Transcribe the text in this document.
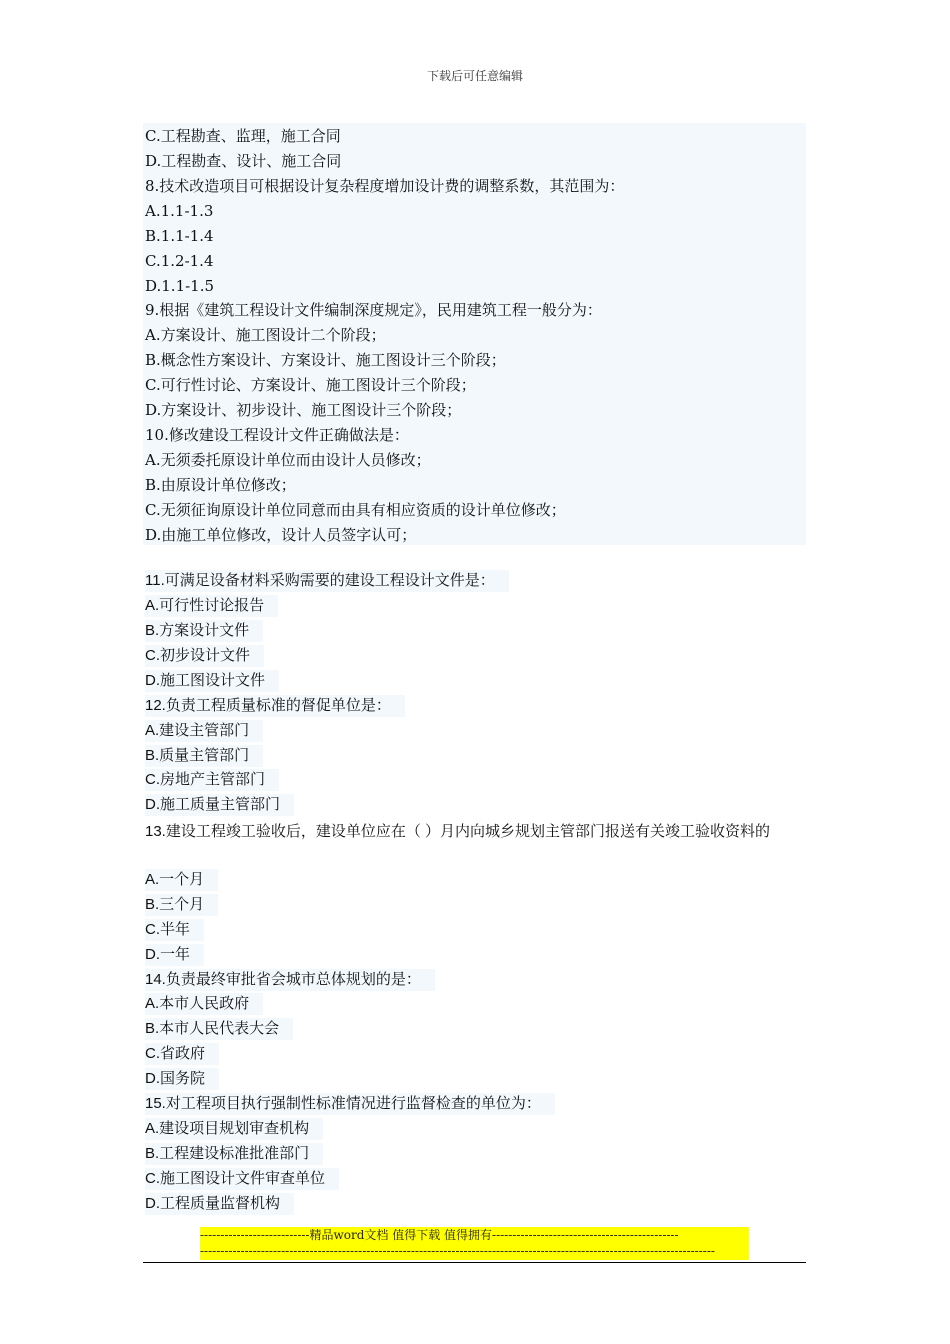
下载后可任意编辑
C.工程勘查、监理，施工合同
D.工程勘查、设计、施工合同
8.技术改造项目可根据设计复杂程度增加设计费的调整系数，其范围为：
A.1.1-1.3
B.1.1-1.4
C.1.2-1.4
D.1.1-1.5
9.根据《建筑工程设计文件编制深度规定》，民用建筑工程一般分为：
A.方案设计、施工图设计二个阶段；
B.概念性方案设计、方案设计、施工图设计三个阶段；
C.可行性讨论、方案设计、施工图设计三个阶段；
D.方案设计、初步设计、施工图设计三个阶段；
10.修改建设工程设计文件正确做法是：
A.无须委托原设计单位而由设计人员修改；
B.由原设计单位修改；
C.无须征询原设计单位同意而由具有相应资质的设计单位修改；
D.由施工单位修改，设计人员签字认可；
11.可满足设备材料采购需要的建设工程设计文件是：
A.可行性讨论报告
B.方案设计文件
C.初步设计文件
D.施工图设计文件
12.负责工程质量标准的督促单位是：
A.建设主管部门
B.质量主管部门
C.房地产主管部门
D.施工质量主管部门
13.建设工程竣工验收后，建设单位应在（ ）月内向城乡规划主管部门报送有关竣工验收资料的
A.一个月
B.三个月
C.半年
D.一年
14.负责最终审批省会城市总体规划的是：
A.本市人民政府
B.本市人民代表大会
C.省政府
D.国务院
15.对工程项目执行强制性标准情况进行监督检查的单位为：
A.建设项目规划审查机构
B.工程建设标准批准部门
C.施工图设计文件审查单位
D.工程质量监督机构
---------------------------精品word文档 值得下载 值得拥有----------------------------------------------
-------------------------------------------------------------------------------------------------------------------------------
